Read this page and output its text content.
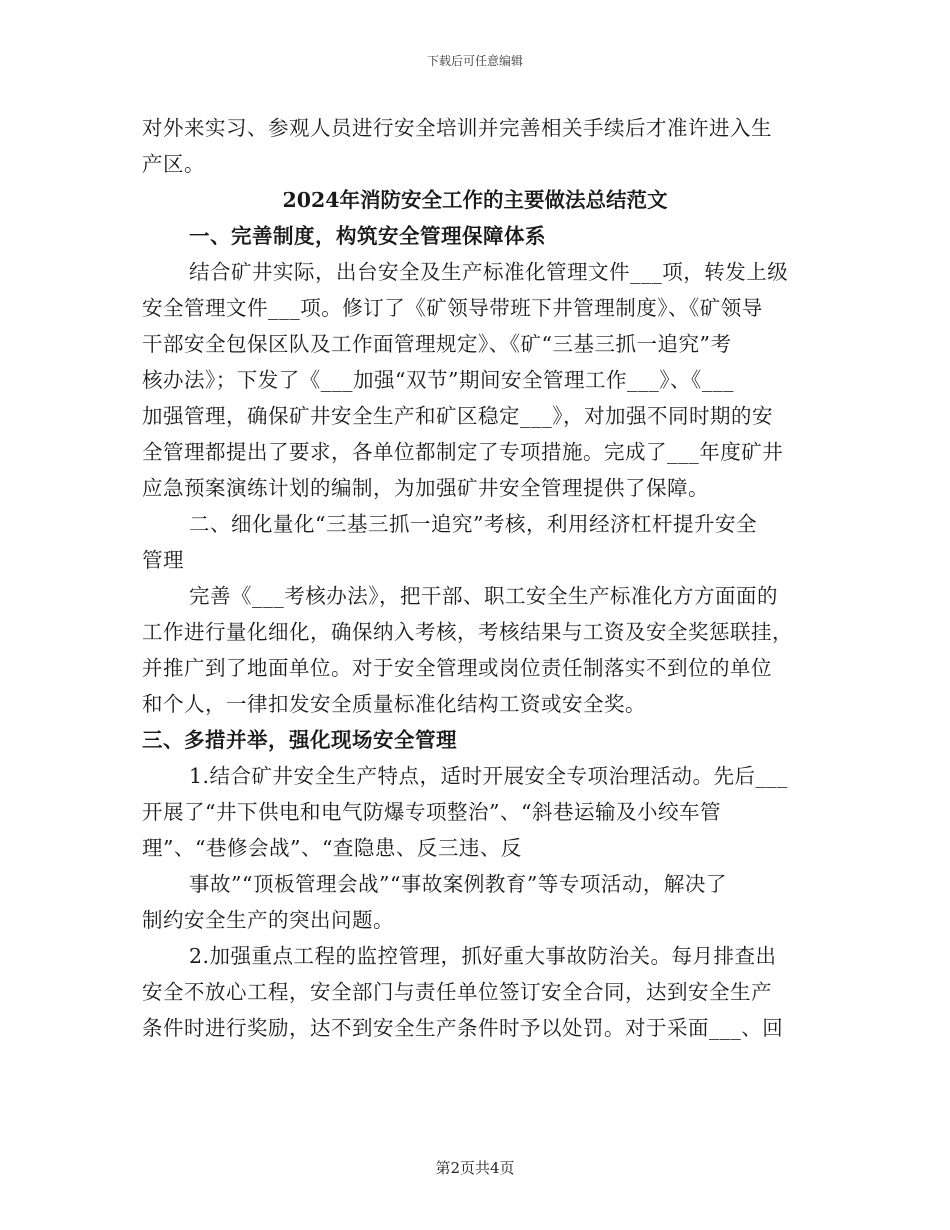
下载后可任意编辑
对外来实习、参观人员进行安全培训并完善相关手续后才准许进入生
产区。
2024年消防安全工作的主要做法总结范文
一、完善制度，构筑安全管理保障体系
结合矿井实际，出台安全及生产标准化管理文件___项，转发上级
安全管理文件___项。修订了《矿领导带班下井管理制度》、《矿领导
干部安全包保区队及工作面管理规定》、《矿“三基三抓一追究”考
核办法》；下发了《___加强“双节”期间安全管理工作___》、《___
加强管理，确保矿井安全生产和矿区稳定___》，对加强不同时期的安
全管理都提出了要求，各单位都制定了专项措施。完成了___年度矿井
应急预案演练计划的编制，为加强矿井安全管理提供了保障。
二、细化量化“三基三抓一追究”考核，利用经济杠杆提升安全
管理
完善《___考核办法》，把干部、职工安全生产标准化方方面面的
工作进行量化细化，确保纳入考核，考核结果与工资及安全奖惩联挂，
并推广到了地面单位。对于安全管理或岗位责任制落实不到位的单位
和个人，一律扣发安全质量标准化结构工资或安全奖。
三、多措并举，强化现场安全管理
1.结合矿井安全生产特点，适时开展安全专项治理活动。先后___
开展了“井下供电和电气防爆专项整治”、“斜巷运输及小绞车管
理”、“巷修会战”、“查隐患、反三违、反
事故”“顶板管理会战”“事故案例教育”等专项活动，解决了
制约安全生产的突出问题。
2.加强重点工程的监控管理，抓好重大事故防治关。每月排查出
安全不放心工程，安全部门与责任单位签订安全合同，达到安全生产
条件时进行奖励，达不到安全生产条件时予以处罚。对于采面___、回
第2页共4页
